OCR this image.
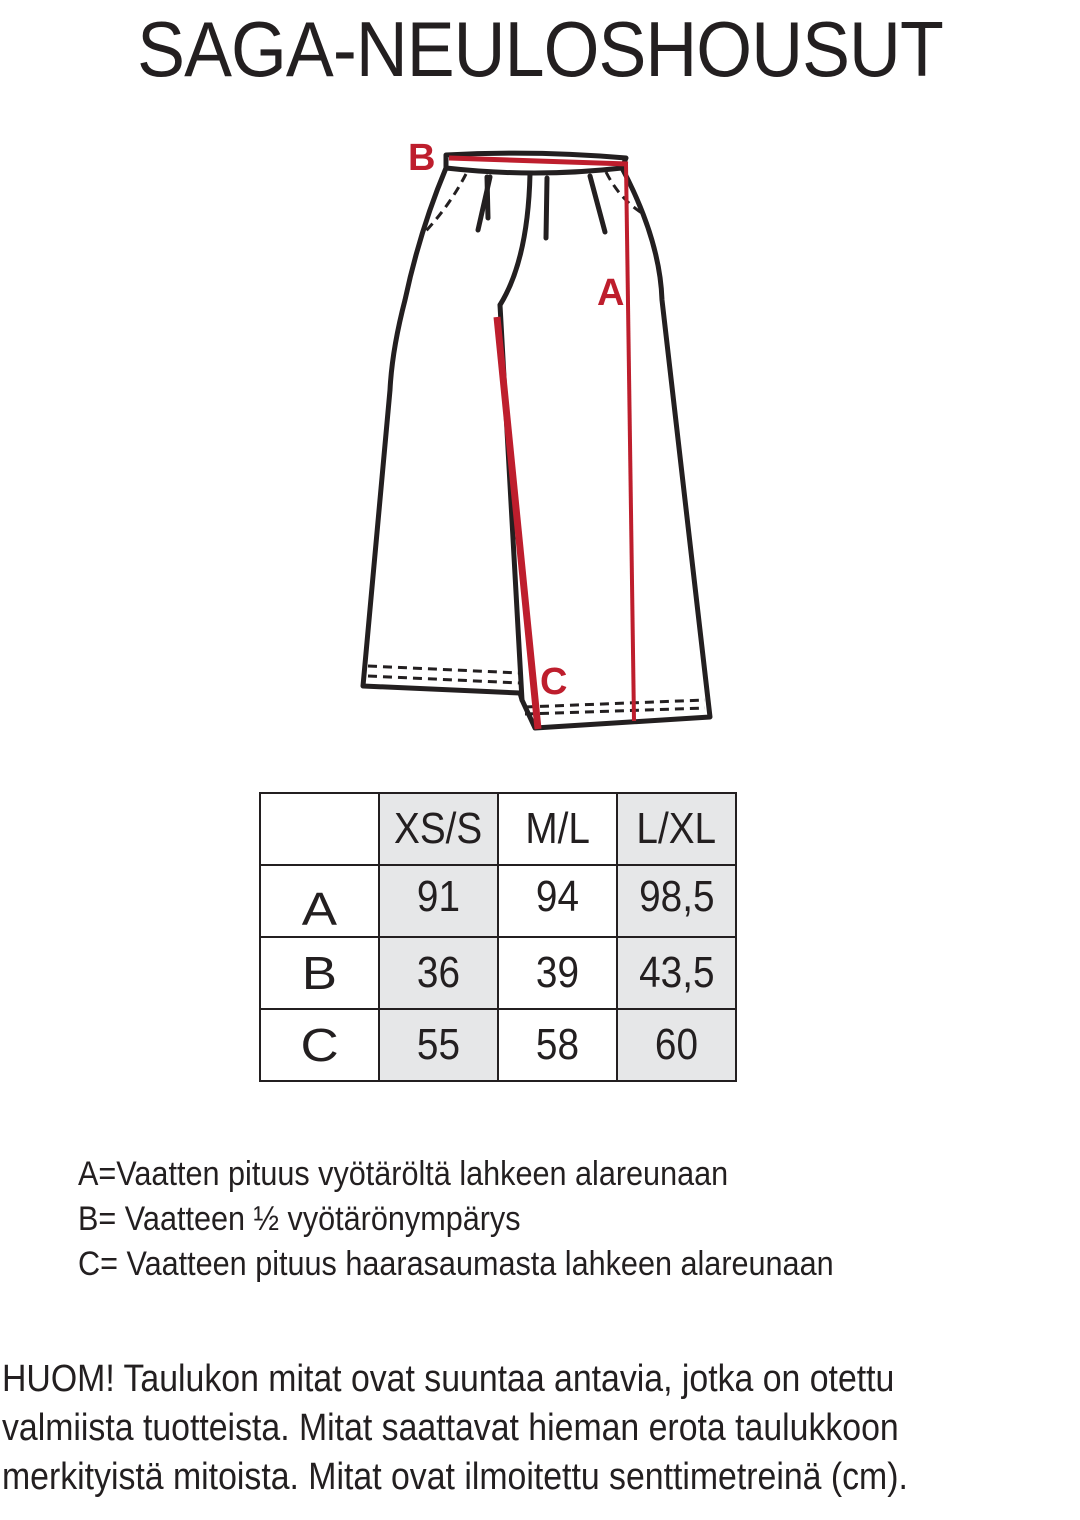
SAGA-NEULOSHOUSUT
B
A
C
	XS/S	M/L	L/XL
A	91	94	98,5
B	36	39	43,5
C	55	58	60
A=Vaatten pituus vyötäröltä lahkeen alareunaan
B= Vaatteen ½ vyötärönympärys
C= Vaatteen pituus haarasaumasta lahkeen alareunaan
HUOM! Taulukon mitat ovat suuntaa antavia, jotka on otettu
valmiista tuotteista. Mitat saattavat hieman erota taulukkoon
merkityistä mitoista. Mitat ovat ilmoitettu senttimetreinä (cm).
